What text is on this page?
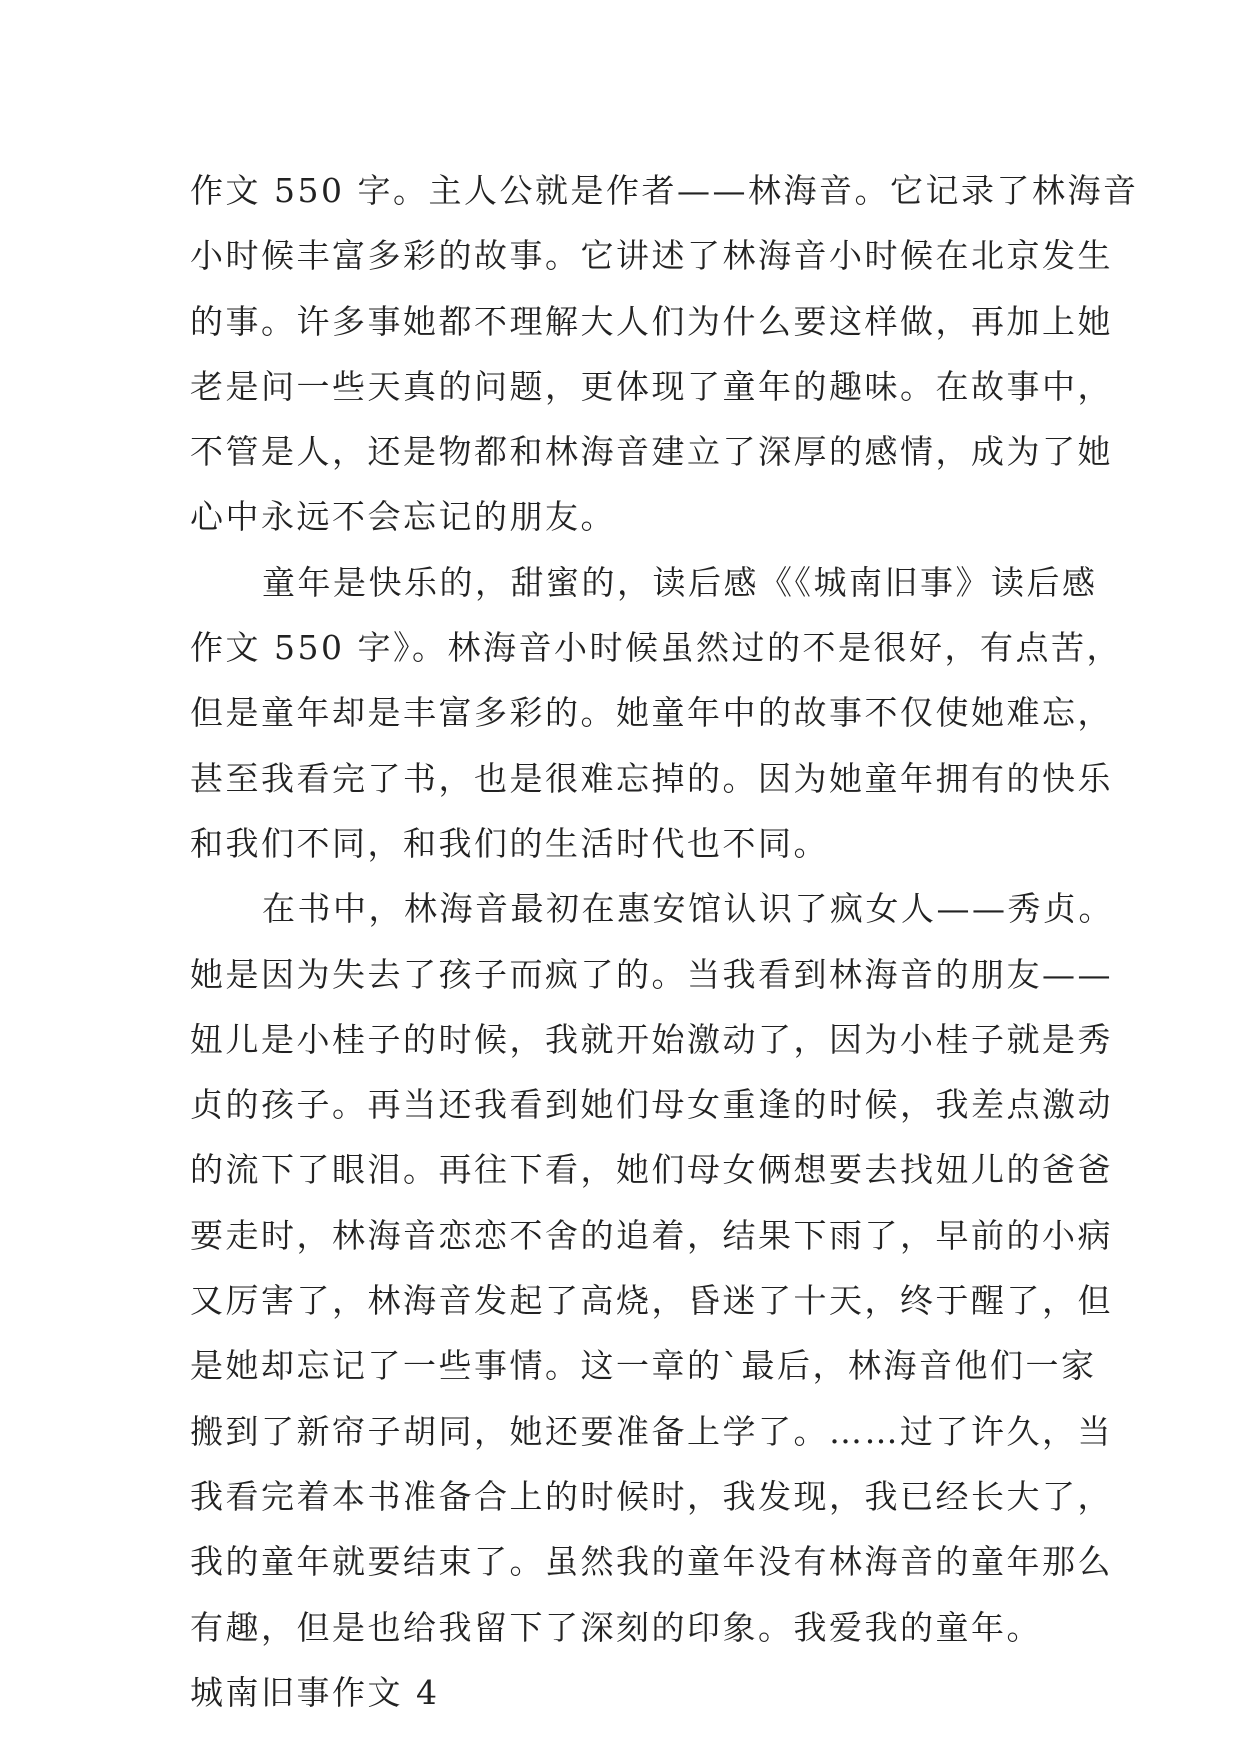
作文 550 字。主人公就是作者——林海音。它记录了林海音
小时候丰富多彩的故事。它讲述了林海音小时候在北京发生
的事。许多事她都不理解大人们为什么要这样做，再加上她
老是问一些天真的问题，更体现了童年的趣味。在故事中，
不管是人，还是物都和林海音建立了深厚的感情，成为了她
心中永远不会忘记的朋友。
童年是快乐的，甜蜜的，读后感《《城南旧事》读后感
作文 550 字》。林海音小时候虽然过的不是很好，有点苦，
但是童年却是丰富多彩的。她童年中的故事不仅使她难忘，
甚至我看完了书，也是很难忘掉的。因为她童年拥有的快乐
和我们不同，和我们的生活时代也不同。
在书中，林海音最初在惠安馆认识了疯女人——秀贞。
她是因为失去了孩子而疯了的。当我看到林海音的朋友——
妞儿是小桂子的时候，我就开始激动了，因为小桂子就是秀
贞的孩子。再当还我看到她们母女重逢的时候，我差点激动
的流下了眼泪。再往下看，她们母女俩想要去找妞儿的爸爸
要走时，林海音恋恋不舍的追着，结果下雨了，早前的小病
又厉害了，林海音发起了高烧，昏迷了十天，终于醒了，但
是她却忘记了一些事情。这一章的`最后，林海音他们一家
搬到了新帘子胡同，她还要准备上学了。……过了许久，当
我看完着本书准备合上的时候时，我发现，我已经长大了，
我的童年就要结束了。虽然我的童年没有林海音的童年那么
有趣，但是也给我留下了深刻的印象。我爱我的童年。
城南旧事作文 4
